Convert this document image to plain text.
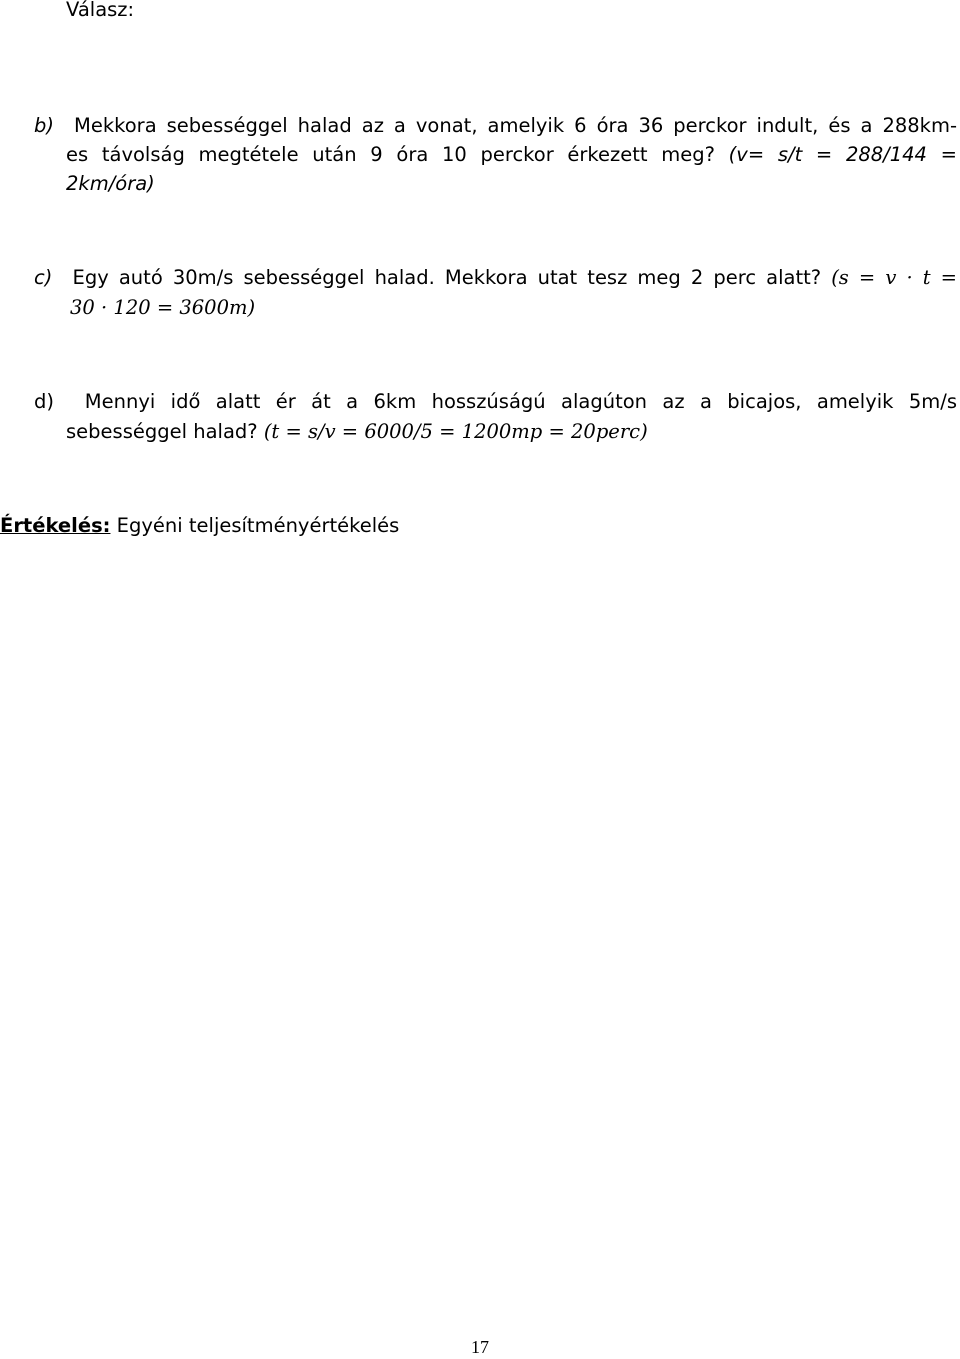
Válasz:
b) Mekkora sebességgel halad az a vonat, amelyik 6 óra 36 perckor indult, és a 288km-
es távolság megtétele után 9 óra 10 perckor érkezett meg? (v= s/t = 288/144 =
2km/óra)
c) Egy autó 30m/s sebességgel halad. Mekkora utat tesz meg 2 perc alatt? (s = v · t =
30 · 120 = 3600m)
d) Mennyi idő alatt ér át a 6km hosszúságú alagúton az a bicajos, amelyik 5m/s
sebességgel halad? (t = s/v = 6000/5 = 1200mp = 20perc)
Értékelés: Egyéni teljesítményértékelés
17
